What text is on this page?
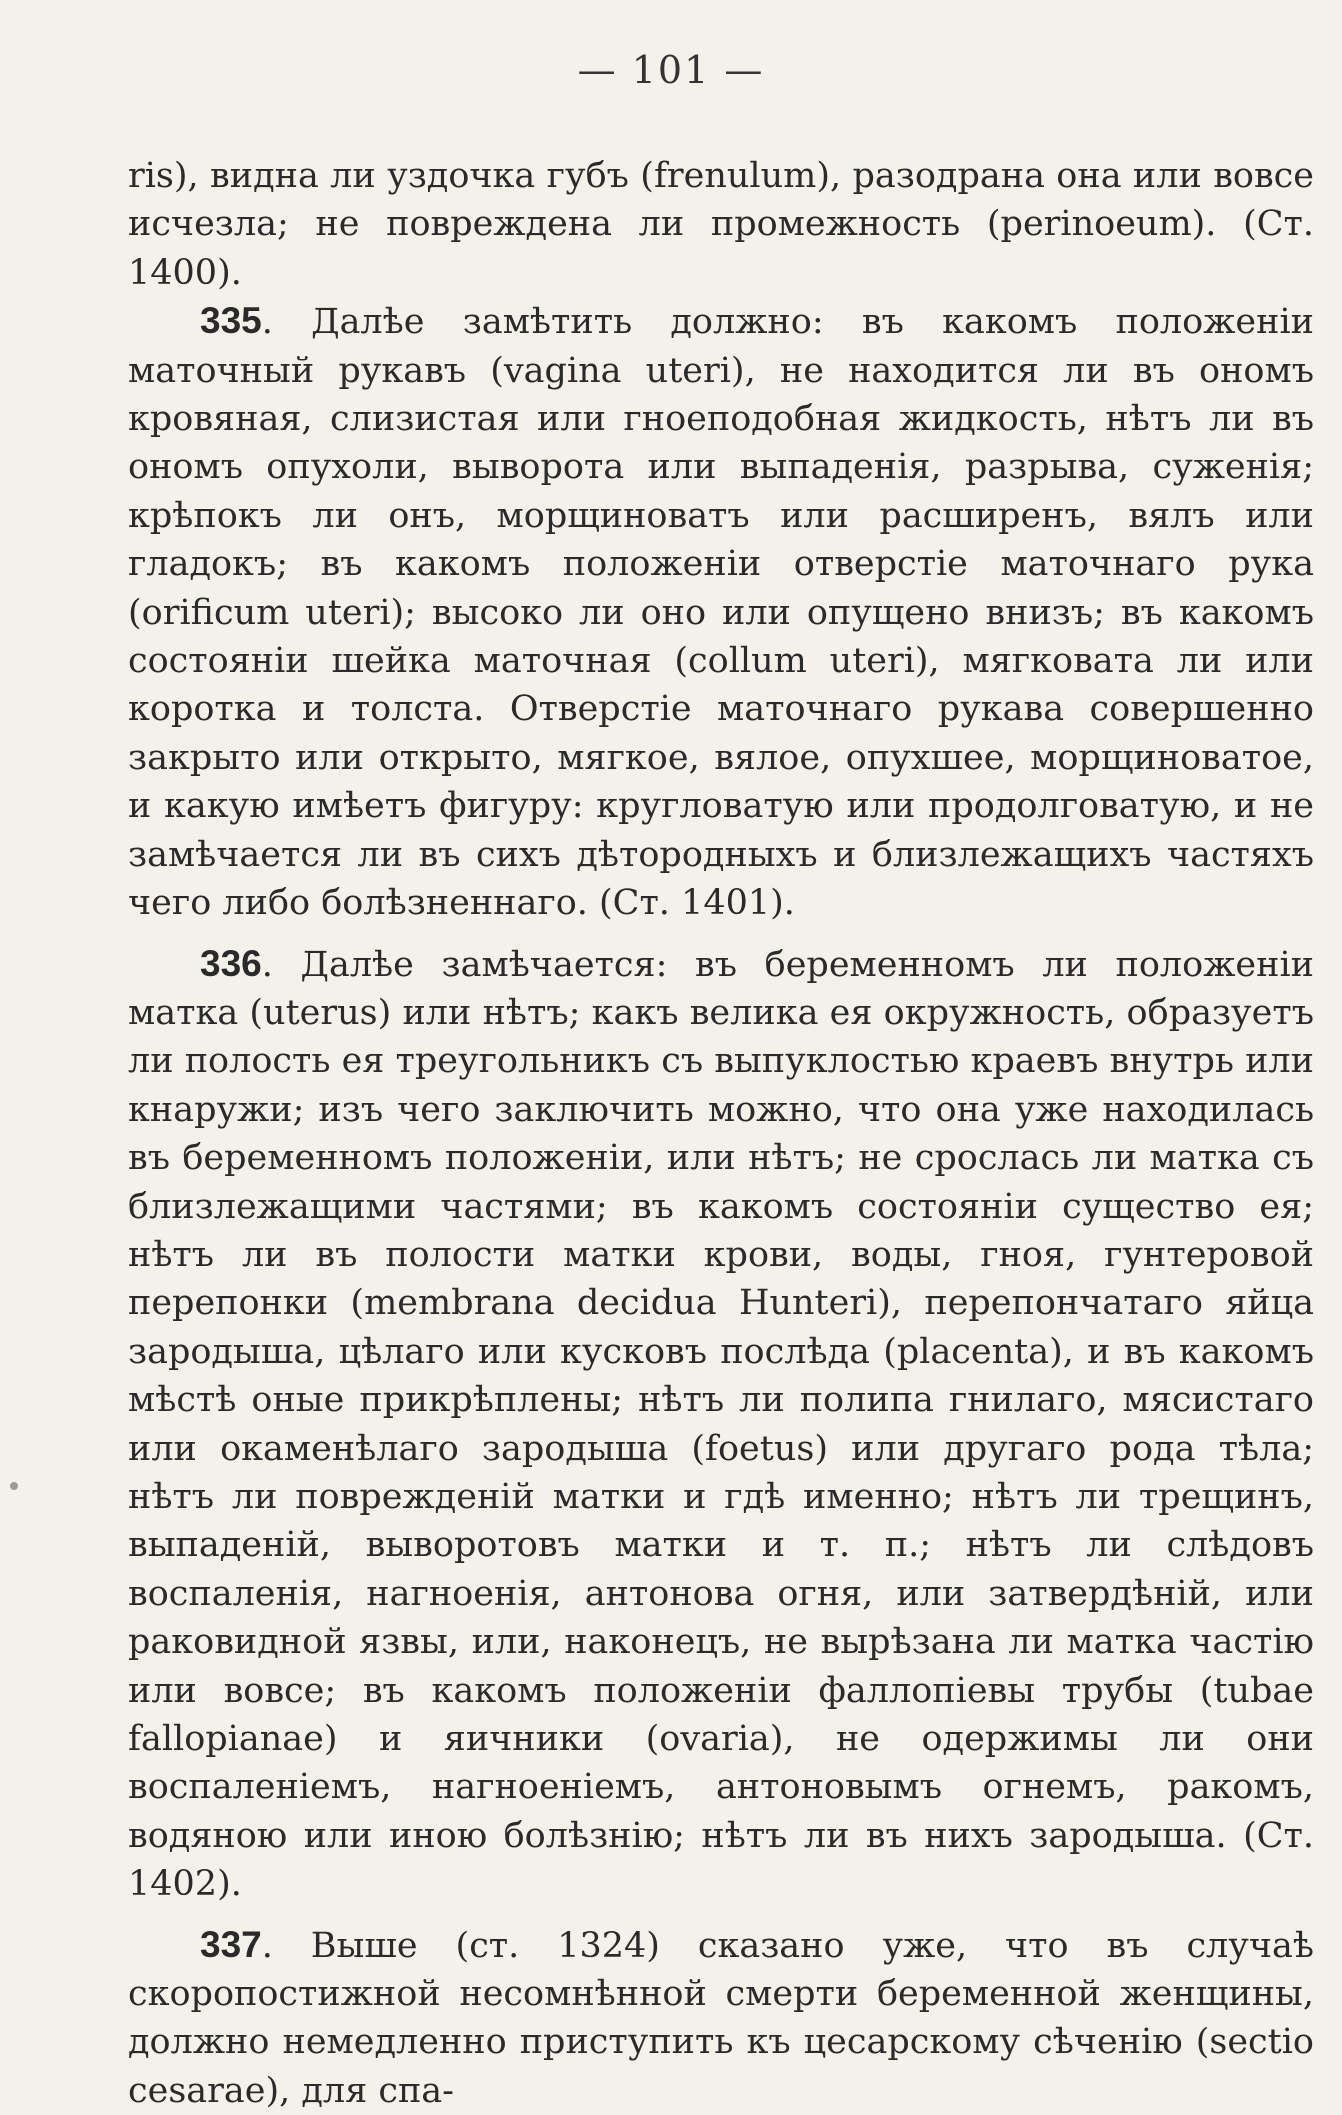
— 101 —

ris), видна ли уздочка губъ (frenulum), разодрана она или вовсе исчезла; не повреждена ли промежность (perinoeum). (Ст. 1400).

335. Далѣе замѣтить должно: въ какомъ положенiи маточный рукавъ (vagina uteri), не находится ли въ ономъ кровяная, слизистая или гноеподобная жидкость, нѣтъ ли въ ономъ опухоли, выворота или выпаденiя, разрыва, суженiя; крѣпокъ ли онъ, морщиноватъ или расширенъ, вялъ или гладокъ; въ какомъ положенiи отверстiе маточнаго рука (orificum uteri); высоко ли оно или опущено внизъ; въ какомъ состоянiи шейка маточная (collum uteri), мягковата ли или коротка и толста. Отверстiе маточнаго рукава совершенно закрыто или открыто, мягкое, вялое, опухшее, морщиноватое, и какую имѣетъ фигуру: кругловатую или продолговатую, и не замѣчается ли въ сихъ дѣтородныхъ и близлежащихъ частяхъ чего либо болѣзненнаго. (Ст. 1401).

336. Далѣе замѣчается: въ беременномъ ли положенiи матка (uterus) или нѣтъ; какъ велика ея окружность, образуетъ ли полость ея треугольникъ съ выпуклостью краевъ внутрь или кнаружи; изъ чего заключить можно, что она уже находилась въ беременномъ положенiи, или нѣтъ; не срослась ли матка съ близлежащими частями; въ какомъ состоянiи существо ея; нѣтъ ли въ полости матки крови, воды, гноя, гунтеровой перепонки (membrana decidua Hunteri), перепончатаго яйца зародыша, цѣлаго или кусковъ послѣда (placenta), и въ какомъ мѣстѣ оные прикрѣплены; нѣтъ ли полипа гнилаго, мясистаго или окаменѣлаго зародыша (foetus) или другаго рода тѣла; нѣтъ ли поврежденiй матки и гдѣ именно; нѣтъ ли трещинъ, выпаденiй, выворотовъ матки и т. п.; нѣтъ ли слѣдовъ воспаленiя, нагноенiя, антонова огня, или затвердѣнiй, или раковидной язвы, или, наконецъ, не вырѣзана ли матка частiю или вовсе; въ какомъ положенiи фаллопiевы трубы (tubae fallopianae) и яичники (ovaria), не одержимы ли они воспаленiемъ, нагноенiемъ, антоновымъ огнемъ, ракомъ, водяною или иною болѣзнiю; нѣтъ ли въ нихъ зародыша. (Ст. 1402).

337. Выше (ст. 1324) сказано уже, что въ случаѣ скоропостижной несомнѣнной смерти беременной женщины, должно немедленно приступить къ цесарскому сѣченiю (sectio cesarae), для спа-
